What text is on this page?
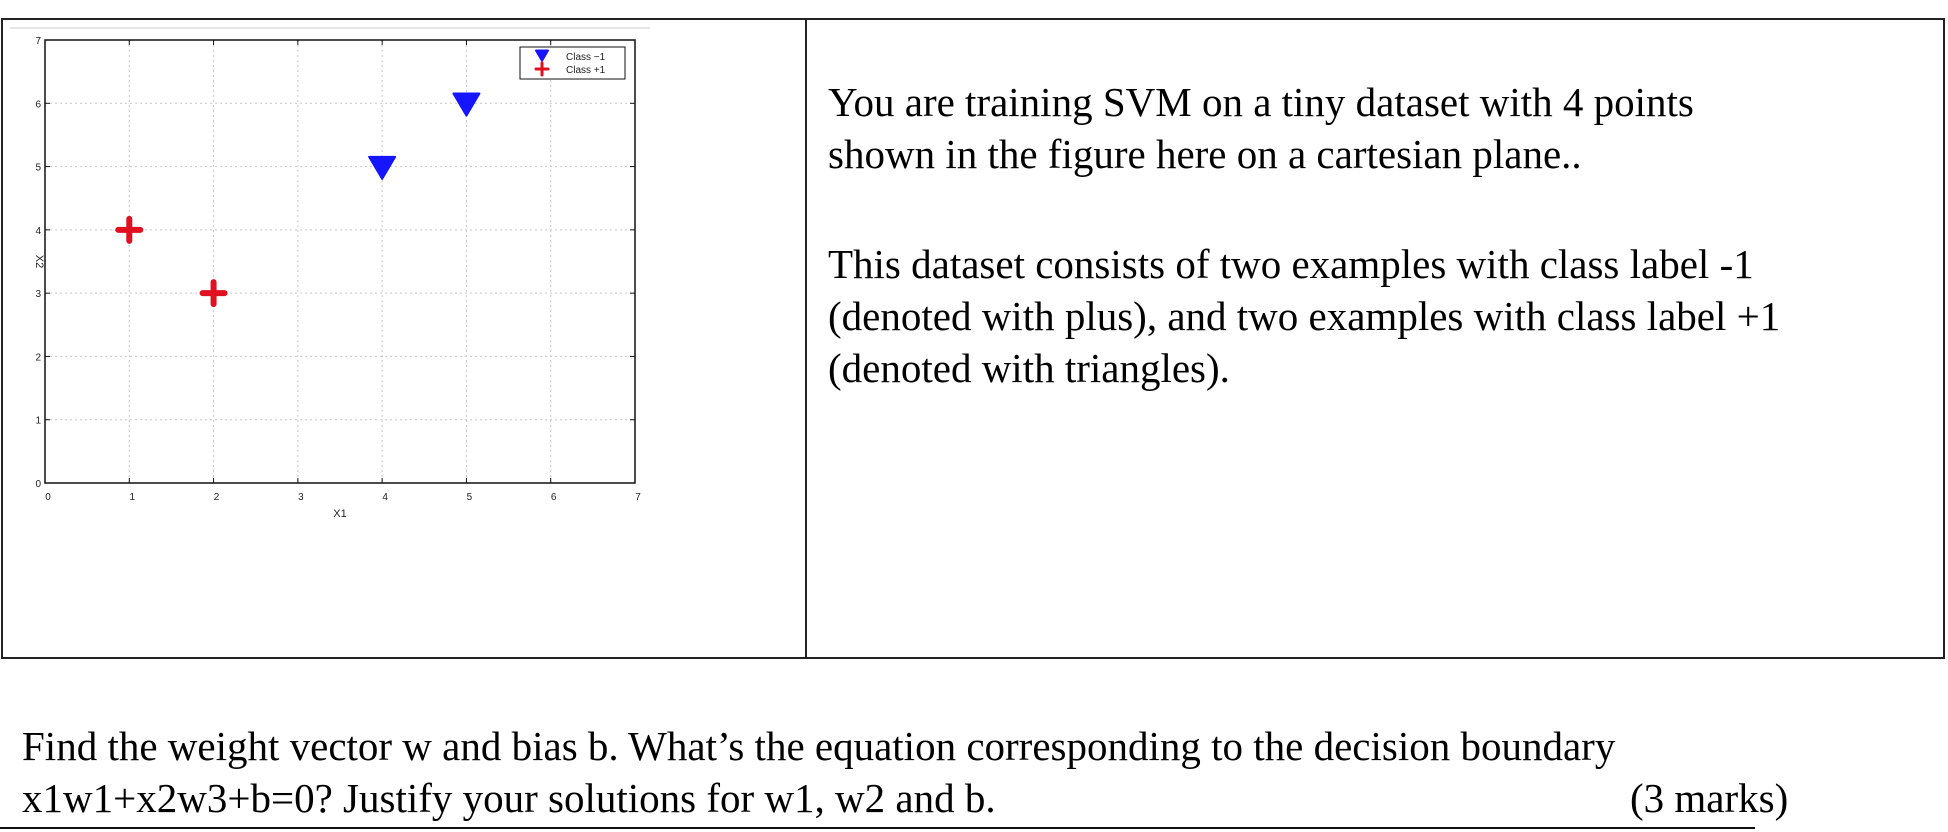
0	1	2	3	4	5	6	7
0
1
2
3
4
5
6
7
X1
X2
Class −1
Class +1
You are training SVM on a tiny dataset with 4 points
shown in the figure here on a cartesian plane..
This dataset consists of two examples with class label -1
(denoted with plus), and two examples with class label +1
(denoted with triangles).
Find the weight vector w and bias b. What’s the equation corresponding to the decision boundary
x1w1+x2w3+b=0? Justify your solutions for w1, w2 and b.	(3 marks)
